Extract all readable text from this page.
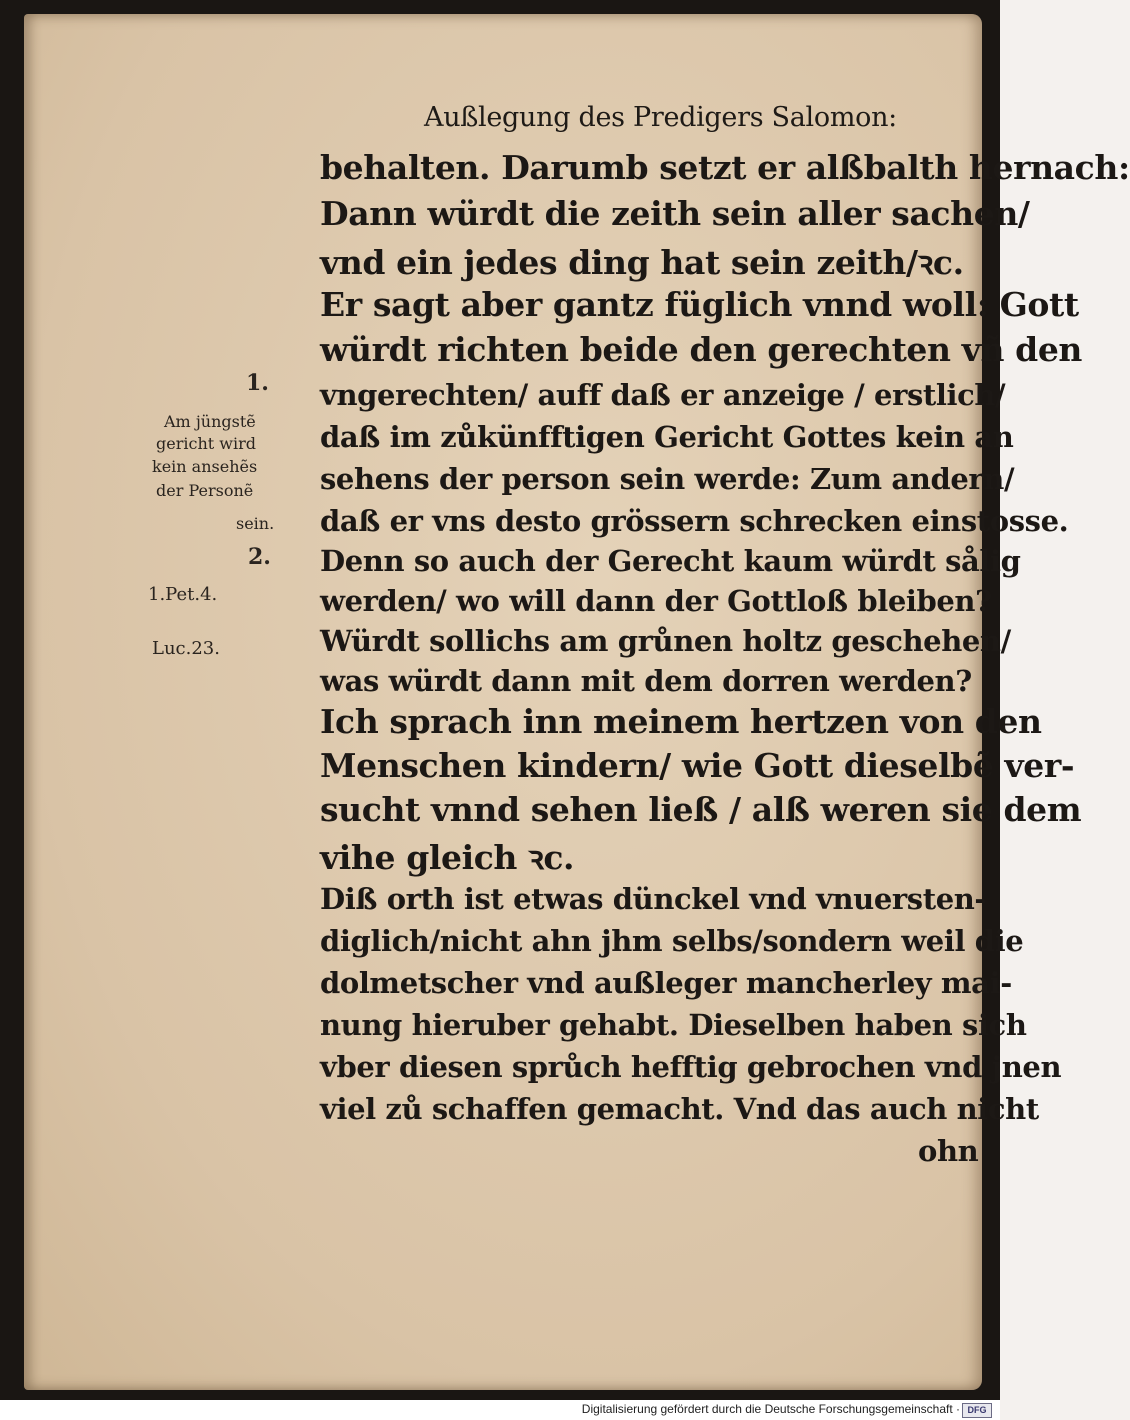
Außlegung des Predigers Salomon:
behalten. Darumb setzt er alßbalth hernach:
Dann würdt die zeith sein aller sachen/
vnd ein jedes ding hat sein zeith/ꝛc.
Er sagt aber gantz füglich vnnd woll: Gott
würdt richten beide den gerechten vñ den
vngerechten/ auff daß er anzeige / erstlich/
daß im zůkünfftigen Gericht Gottes kein an
sehens der person sein werde: Zum andern/
daß er vns desto grössern schrecken einstosse.
Denn so auch der Gerecht kaum würdt sålig
werden/ wo will dann der Gottloß bleiben?
Würdt sollichs am grůnen holtz geschehen/
was würdt dann mit dem dorren werden?
Ich sprach inn meinem hertzen von den
Menschen kindern/ wie Gott dieselbẽ ver-
sucht vnnd sehen ließ / alß weren sie dem
vihe gleich ꝛc.
Diß orth ist etwas dünckel vnd vnuersten-
diglich/nicht ahn jhm selbs/sondern weil die
dolmetscher vnd außleger mancherley mai-
nung hieruber gehabt. Dieselben haben sich
vber diesen sprůch hefftig gebrochen vnd jnen
viel zů schaffen gemacht. Vnd das auch nicht
ohn
1.
Am jüngstẽ
gericht wird
kein ansehẽs
der Personẽ
sein.
2.
1.Pet.4.
Luc.23.
Digitalisierung gefördert durch die Deutsche Forschungsgemeinschaft · DFG
